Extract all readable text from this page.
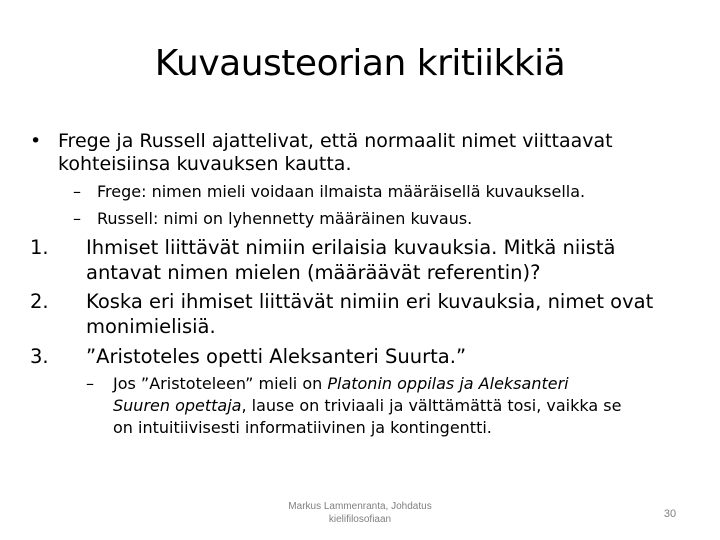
Kuvausteorian kritiikkiä
• Frege ja Russell ajattelivat, että normaalit nimet viittaavat
kohteisiinsa kuvauksen kautta.
– Frege: nimen mieli voidaan ilmaista määräisellä kuvauksella.
– Russell: nimi on lyhennetty määräinen kuvaus.
1. Ihmiset liittävät nimiin erilaisia kuvauksia. Mitkä niistä
antavat nimen mielen (määräävät referentin)?
2. Koska eri ihmiset liittävät nimiin eri kuvauksia, nimet ovat
monimielisiä.
3. ”Aristoteles opetti Aleksanteri Suurta.”
– Jos ”Aristoteleen” mieli on Platonin oppilas ja Aleksanteri
Suuren opettaja, lause on triviaali ja välttämättä tosi, vaikka se
on intuitiivisesti informatiivinen ja kontingentti.
Markus Lammenranta, Johdatus
kielifilosofiaan	30
